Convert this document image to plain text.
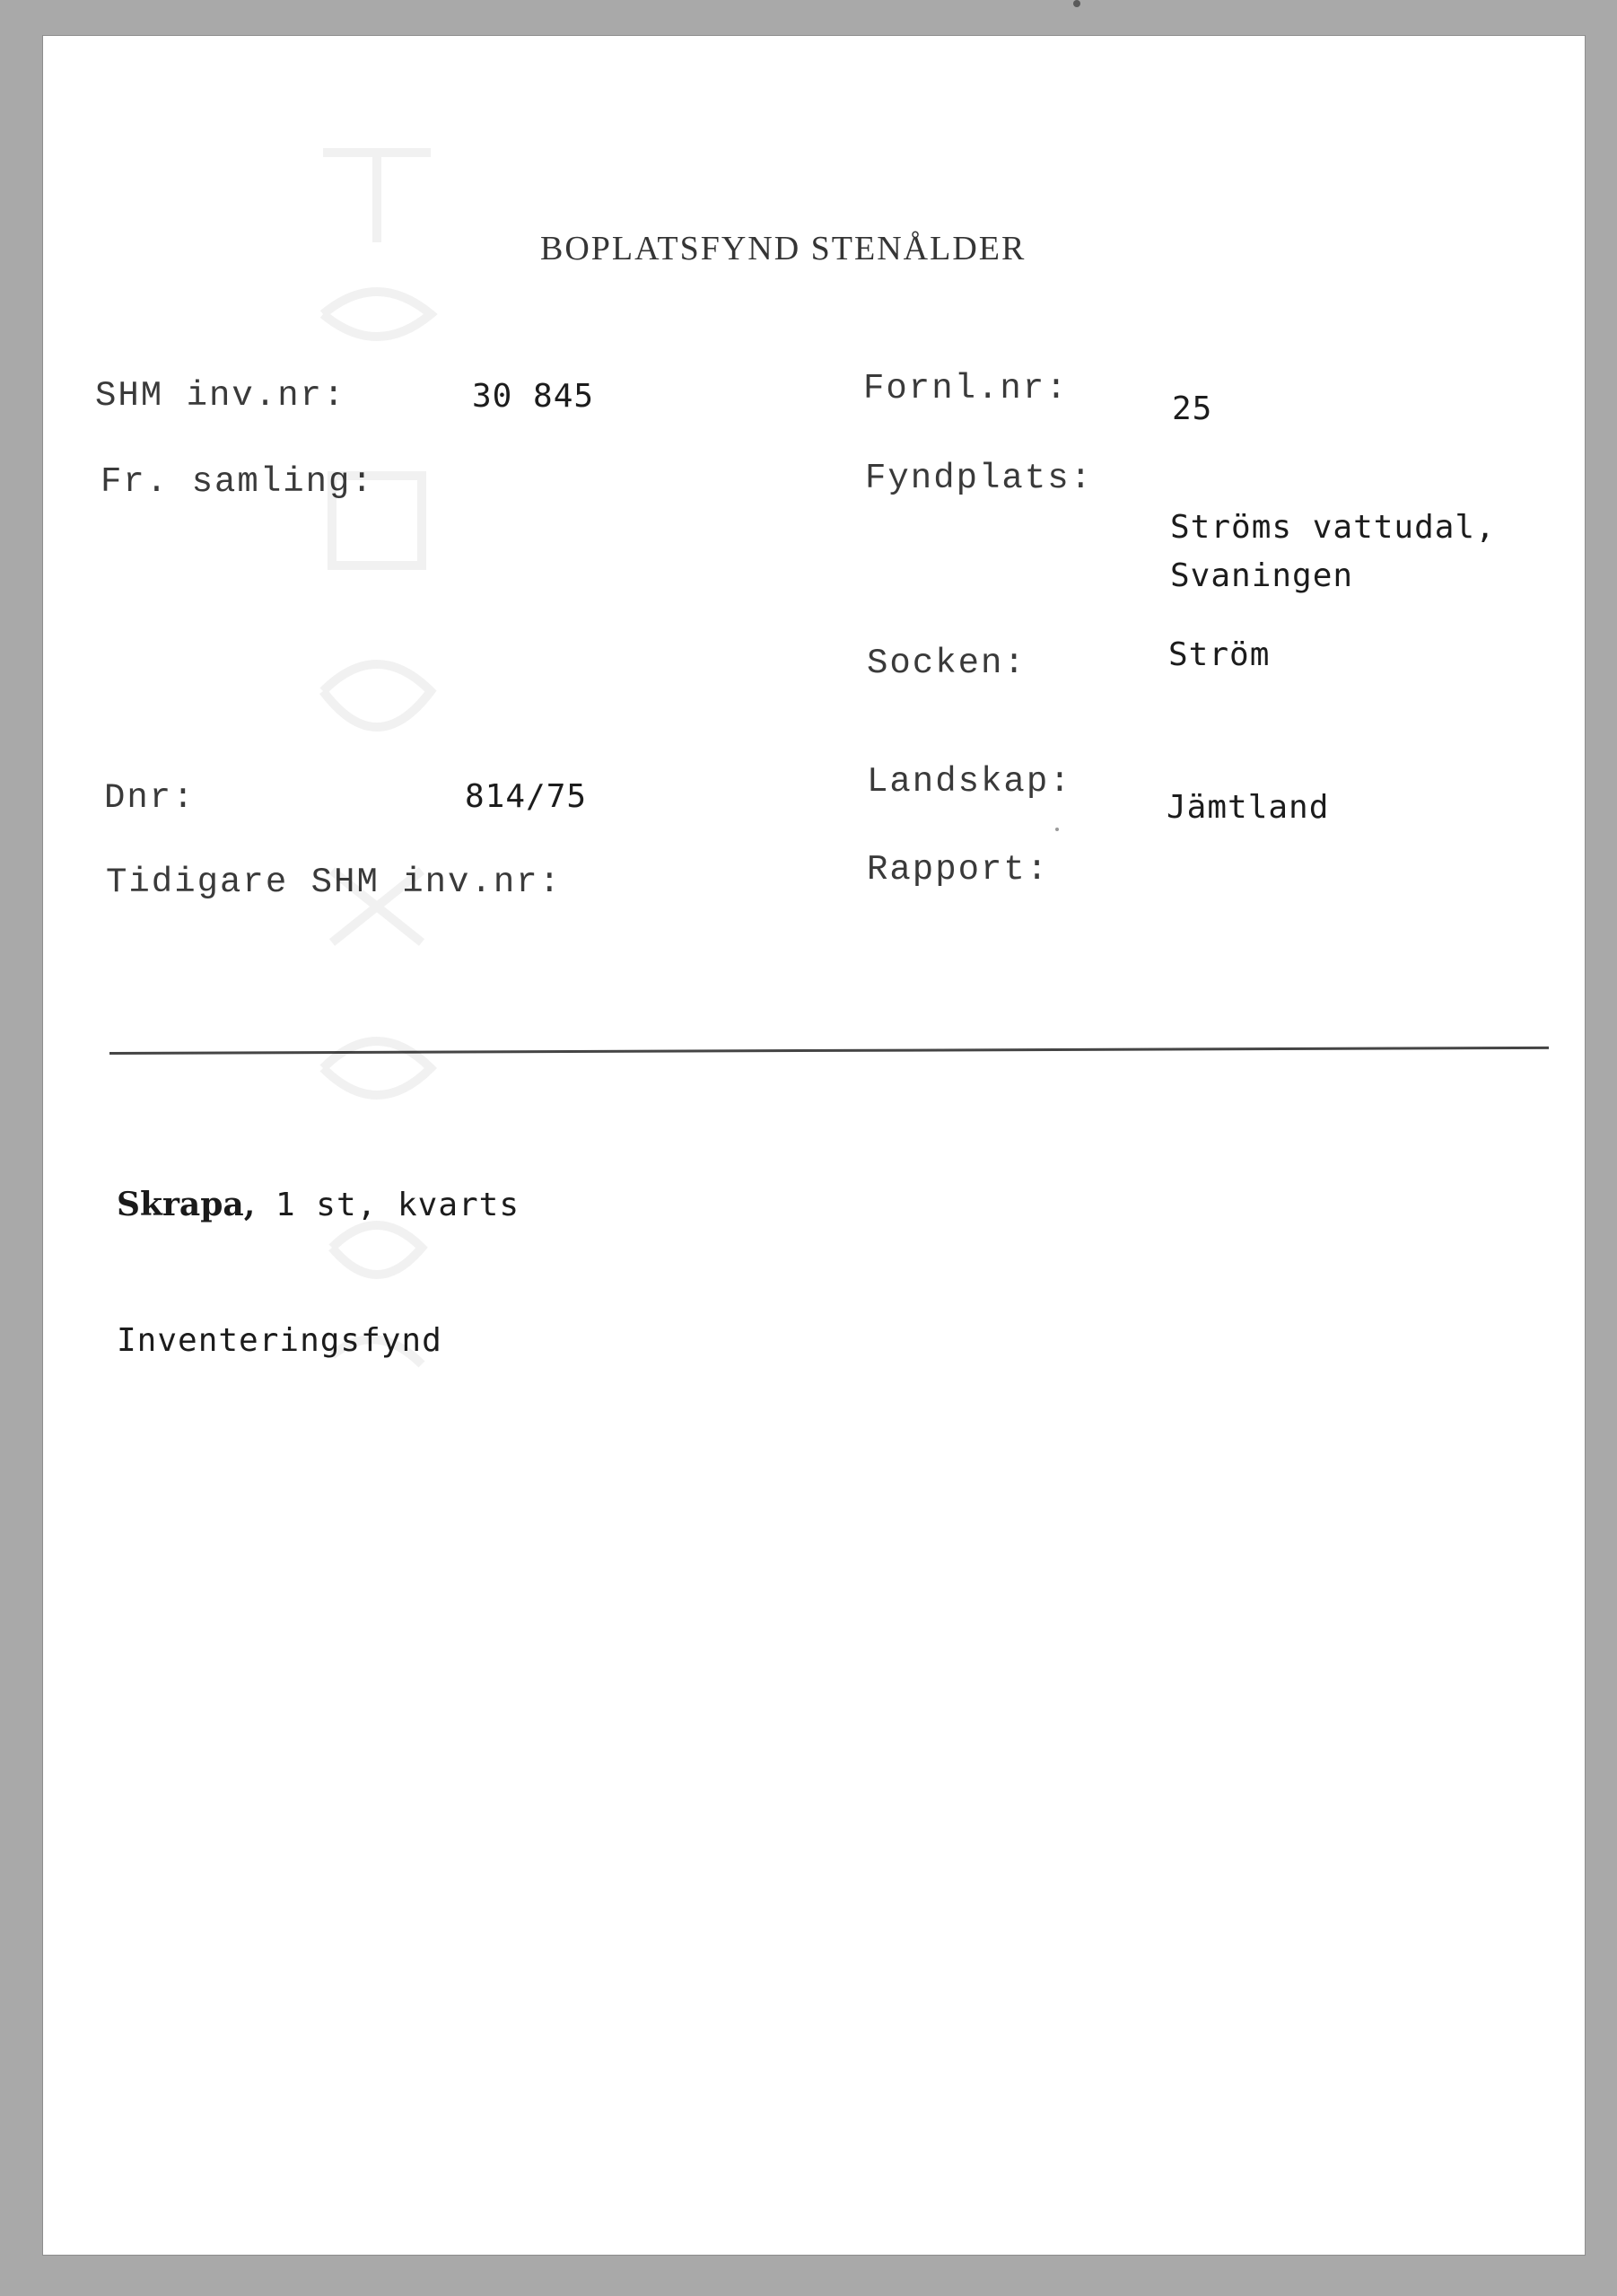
BOPLATSFYND STENÅLDER
SHM inv.nr:	30 845
Fr. samling:
Dnr:	814/75
Tidigare SHM inv.nr:
Fornl.nr:
25
Fyndplats:
Ströms vattudal,
Svaningen
Socken:	Ström
Landskap:
Jämtland
Rapport:
Skrapa, 1 st, kvarts
Inventeringsfynd
